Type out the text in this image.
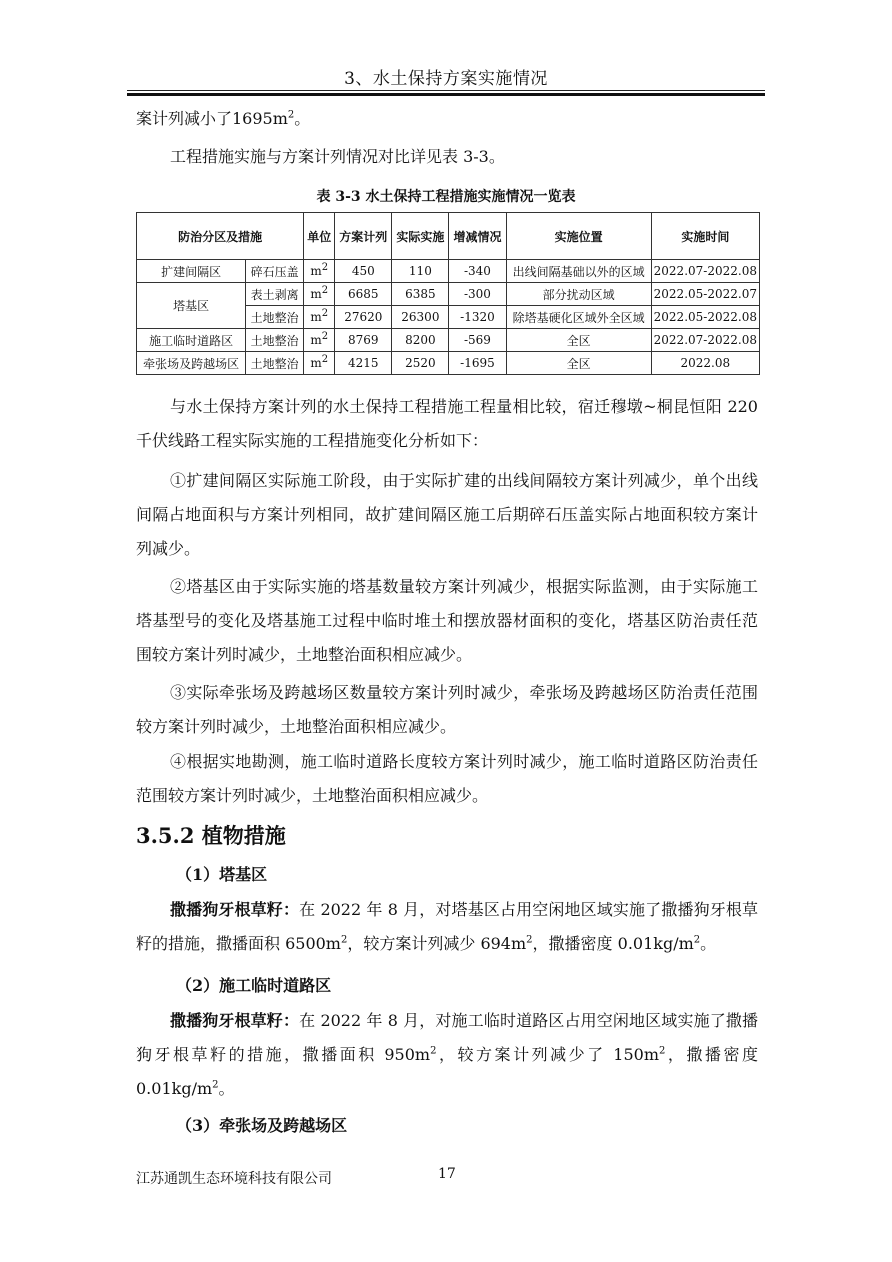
3、水土保持方案实施情况

案计列减小了$1695m^2$。

工程措施实施与方案计列情况对比详见表 3-3。

表 3-3 水土保持工程措施实施情况一览表
防治分区及措施		单位	方案计列	实际实施	增减情况	实施位置	实施时间
扩建间隔区	碎石压盖	$m^2$	450	110	-340	出线间隔基础以外的区域	2022.07-2022.08
塔基区	表土剥离	$m^2$	6685	6385	-300	部分扰动区域	2022.05-2022.07
	土地整治	$m^2$	27620	26300	-1320	除塔基硬化区域外全区域	2022.05-2022.08
施工临时道路区	土地整治	$m^2$	8769	8200	-569	全区	2022.07-2022.08
牵张场及跨越场区	土地整治	$m^2$	4215	2520	-1695	全区	2022.08

与水土保持方案计列的水土保持工程措施工程量相比较，宿迁穆墩~桐昆恒阳 220 千伏线路工程实际实施的工程措施变化分析如下：

①扩建间隔区实际施工阶段，由于实际扩建的出线间隔较方案计列减少，单个出线间隔占地面积与方案计列相同，故扩建间隔区施工后期碎石压盖实际占地面积较方案计列减少。

②塔基区由于实际实施的塔基数量较方案计列减少，根据实际监测，由于实际施工塔基型号的变化及塔基施工过程中临时堆土和摆放器材面积的变化，塔基区防治责任范围较方案计列时减少，土地整治面积相应减少。

③实际牵张场及跨越场区数量较方案计列时减少，牵张场及跨越场区防治责任范围较方案计列时减少，土地整治面积相应减少。

④根据实地勘测，施工临时道路长度较方案计列时减少，施工临时道路区防治责任范围较方案计列时减少，土地整治面积相应减少。

3.5.2 植物措施
（1）塔基区

撒播狗牙根草籽：在 2022 年 8 月，对塔基区占用空闲地区域实施了撒播狗牙根草籽的措施，撒播面积 $6500m^2$，较方案计列减少 $694m^2$，撒播密度 $0.01kg/m^2$。

（2）施工临时道路区

撒播狗牙根草籽：在 2022 年 8 月，对施工临时道路区占用空闲地区域实施了撒播狗牙根草籽的措施，撒播面积 $950m^2$，较方案计列减少了 $150m^2$，撒播密度 $0.01kg/m^2$。

（3）牵张场及跨越场区
江苏通凯生态环境科技有限公司	17
